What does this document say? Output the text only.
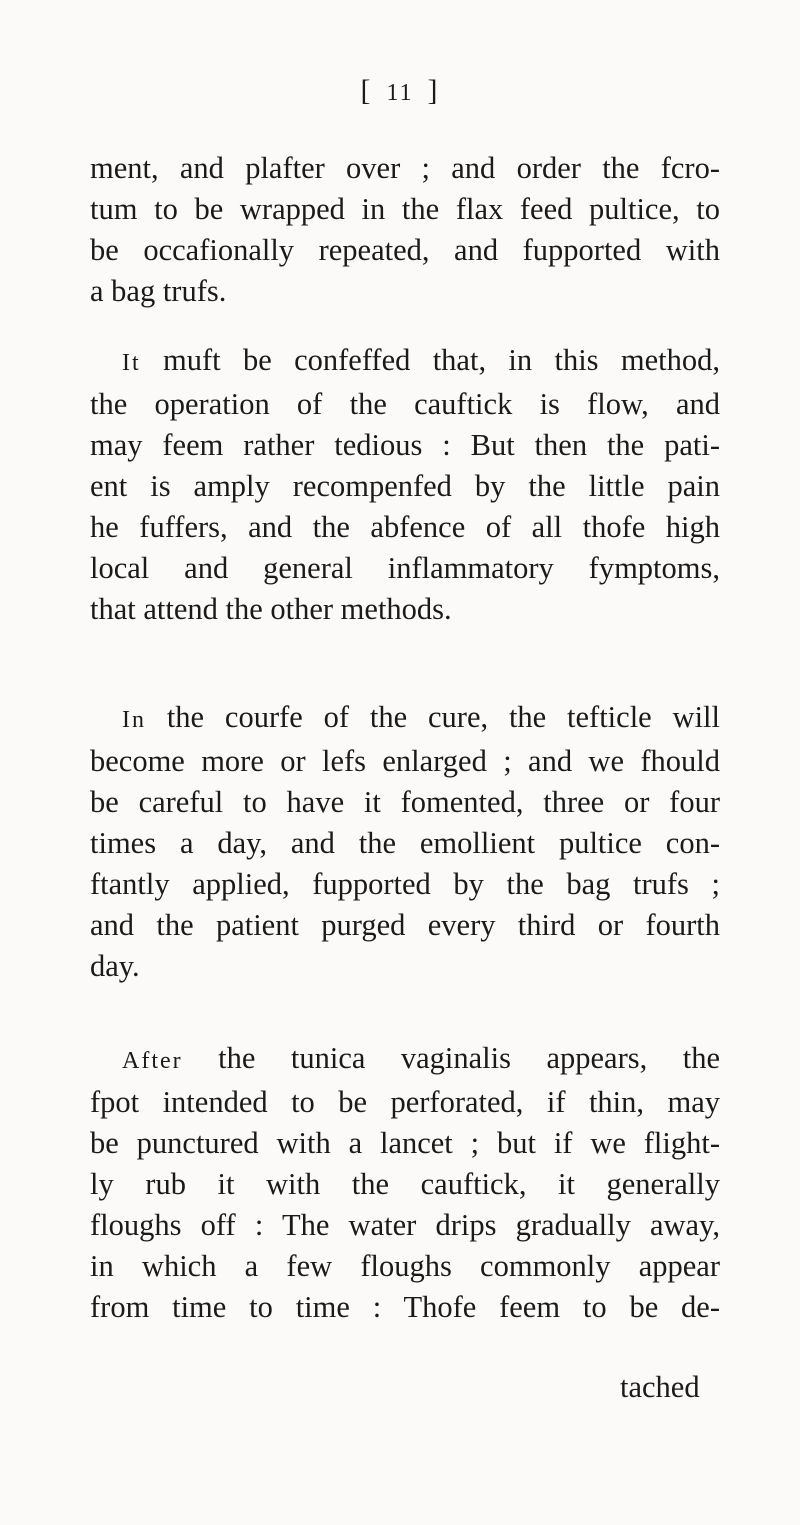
[ 11 ]
ment, and plafter over ; and order the fcro-
tum to be wrapped in the flax feed pultice, to
be occafionally repeated, and fupported with
a bag trufs.
It muft be confeffed that, in this method,
the operation of the cauftick is flow, and
may feem rather tedious : But then the pati-
ent is amply recompenfed by the little pain
he fuffers, and the abfence of all thofe high
local and general inflammatory fymptoms,
that attend the other methods.
In the courfe of the cure, the tefticle will
become more or lefs enlarged ; and we fhould
be careful to have it fomented, three or four
times a day, and the emollient pultice con-
ftantly applied, fupported by the bag trufs ;
and the patient purged every third or fourth
day.
After the tunica vaginalis appears, the
fpot intended to be perforated, if thin, may
be punctured with a lancet ; but if we flight-
ly rub it with the cauftick, it generally
floughs off : The water drips gradually away,
in which a few floughs commonly appear
from time to time : Thofe feem to be de-
tached
